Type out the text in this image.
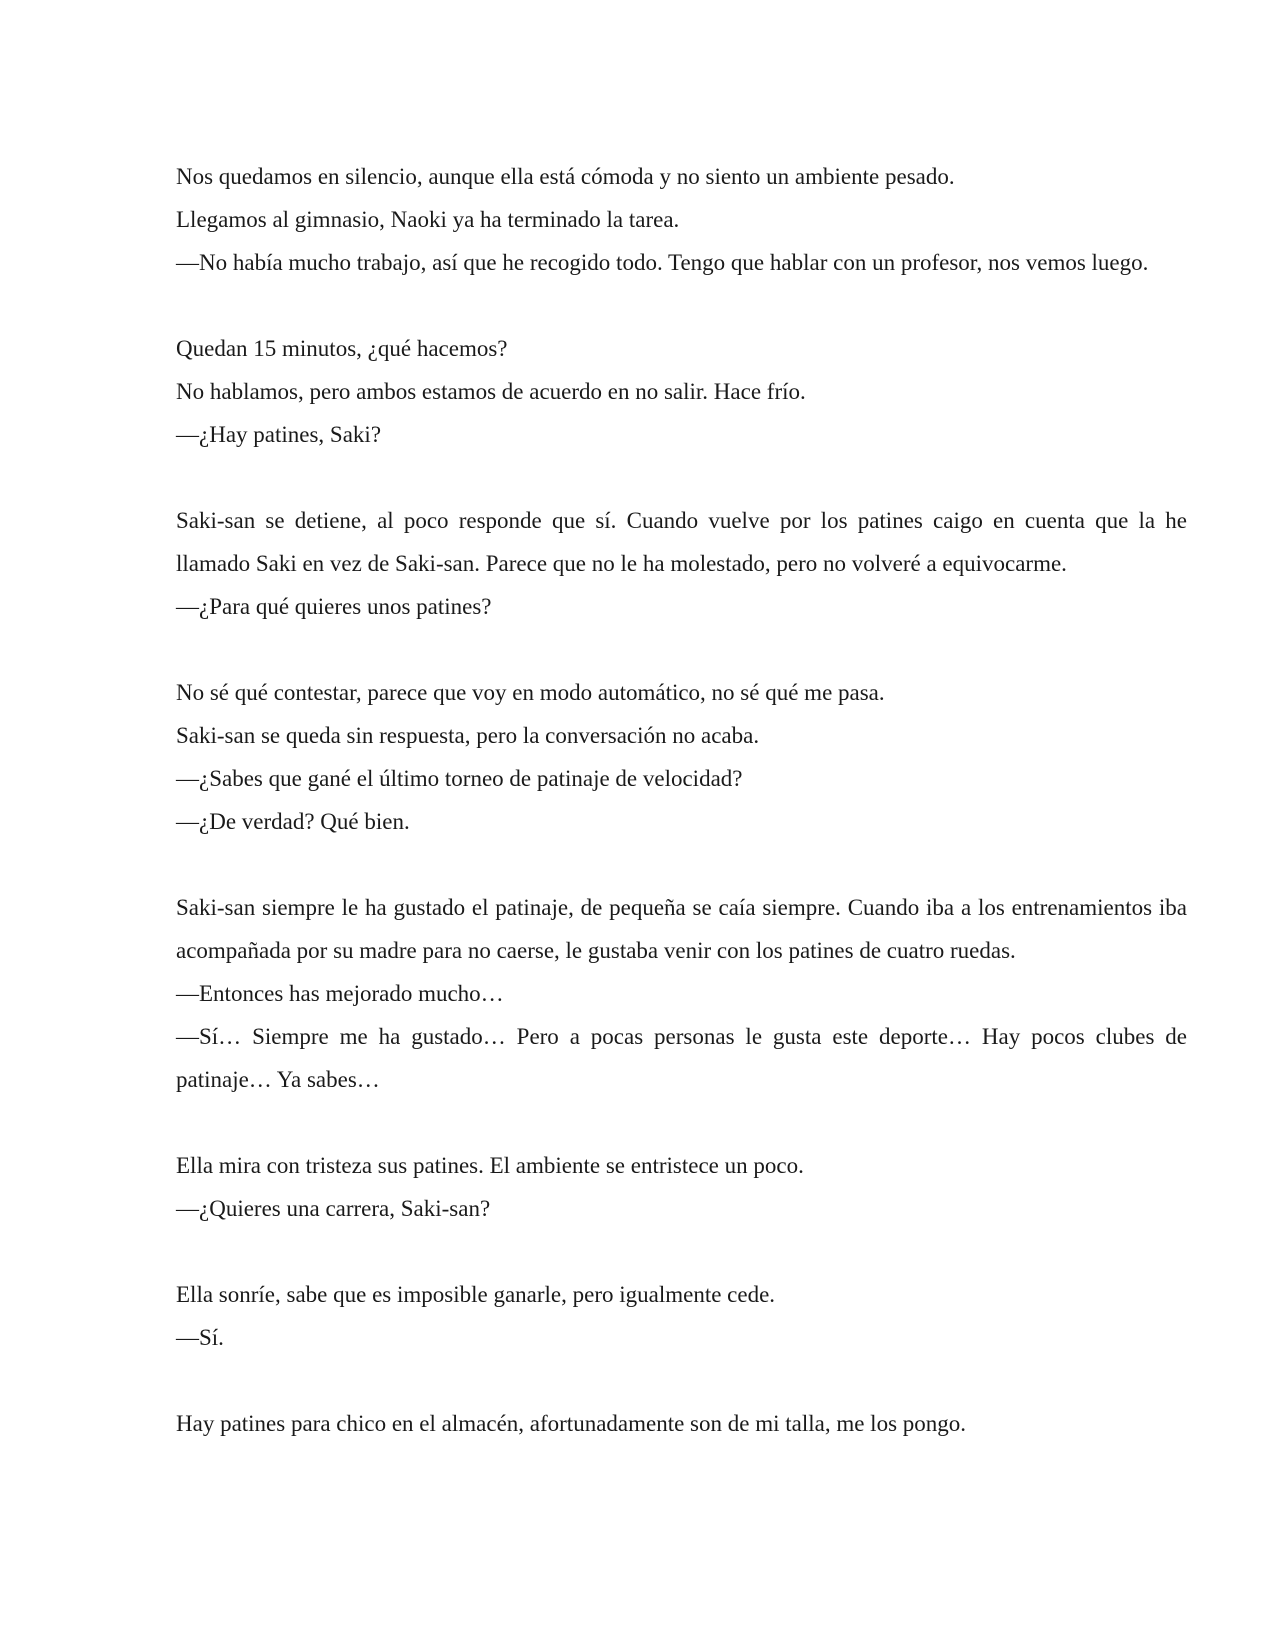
Nos quedamos en silencio, aunque ella está cómoda y no siento un ambiente pesado.

Llegamos al gimnasio, Naoki ya ha terminado la tarea.

—No había mucho trabajo, así que he recogido todo. Tengo que hablar con un profesor, nos vemos luego.

Quedan 15 minutos, ¿qué hacemos?

No hablamos, pero ambos estamos de acuerdo en no salir. Hace frío.

—¿Hay patines, Saki?

Saki-san se detiene, al poco responde que sí. Cuando vuelve por los patines caigo en cuenta que la he llamado Saki en vez de Saki-san. Parece que no le ha molestado, pero no volveré a equivocarme.

—¿Para qué quieres unos patines?

No sé qué contestar, parece que voy en modo automático, no sé qué me pasa.

Saki-san se queda sin respuesta, pero la conversación no acaba.

—¿Sabes que gané el último torneo de patinaje de velocidad?

—¿De verdad? Qué bien.

Saki-san siempre le ha gustado el patinaje, de pequeña se caía siempre. Cuando iba a los entrenamientos iba acompañada por su madre para no caerse, le gustaba venir con los patines de cuatro ruedas.

—Entonces has mejorado mucho…

—Sí… Siempre me ha gustado… Pero a pocas personas le gusta este deporte… Hay pocos clubes de patinaje… Ya sabes…

Ella mira con tristeza sus patines. El ambiente se entristece un poco.

—¿Quieres una carrera, Saki-san?

Ella sonríe, sabe que es imposible ganarle, pero igualmente cede.

—Sí.

Hay patines para chico en el almacén, afortunadamente son de mi talla, me los pongo.
